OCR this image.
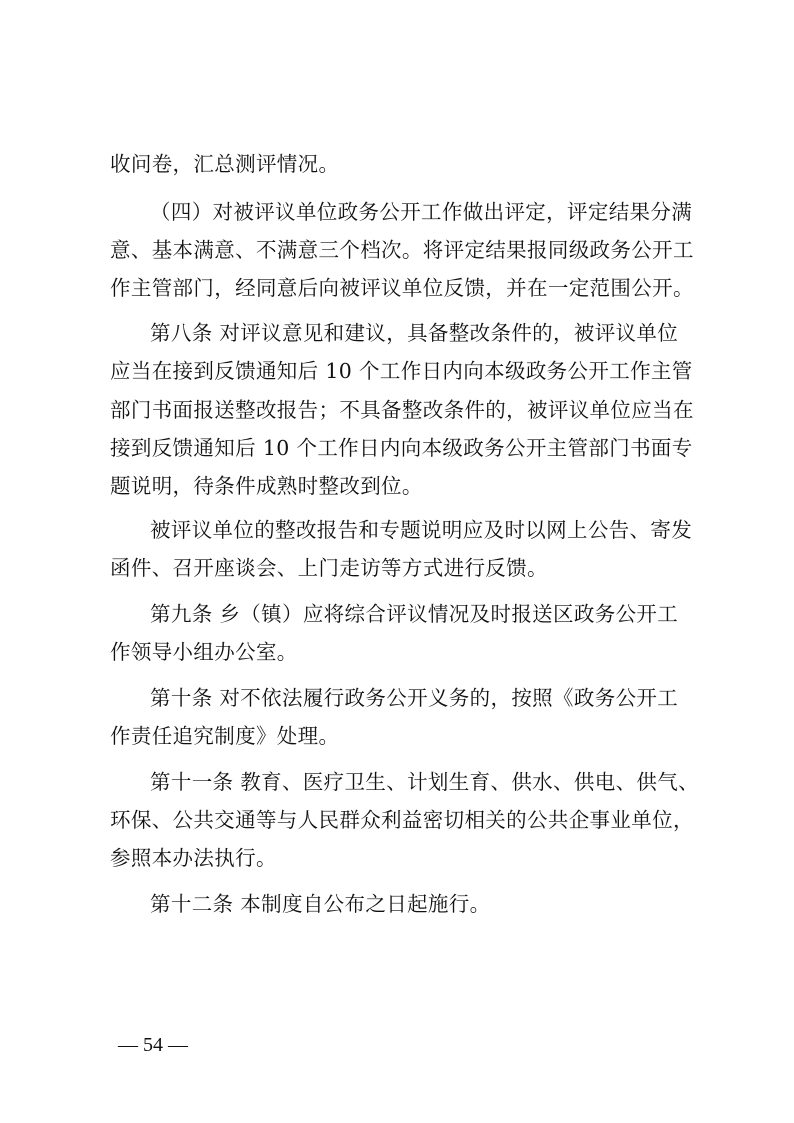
收问卷，汇总测评情况。
（四）对被评议单位政务公开工作做出评定，评定结果分满
意、基本满意、不满意三个档次。将评定结果报同级政务公开工
作主管部门，经同意后向被评议单位反馈，并在一定范围公开。
第八条 对评议意见和建议，具备整改条件的，被评议单位
应当在接到反馈通知后 10 个工作日内向本级政务公开工作主管
部门书面报送整改报告；不具备整改条件的，被评议单位应当在
接到反馈通知后 10 个工作日内向本级政务公开主管部门书面专
题说明，待条件成熟时整改到位。
被评议单位的整改报告和专题说明应及时以网上公告、寄发
函件、召开座谈会、上门走访等方式进行反馈。
第九条 乡（镇）应将综合评议情况及时报送区政务公开工
作领导小组办公室。
第十条 对不依法履行政务公开义务的，按照《政务公开工
作责任追究制度》处理。
第十一条 教育、医疗卫生、计划生育、供水、供电、供气、
环保、公共交通等与人民群众利益密切相关的公共企事业单位，
参照本办法执行。
第十二条 本制度自公布之日起施行。
— 54 —
